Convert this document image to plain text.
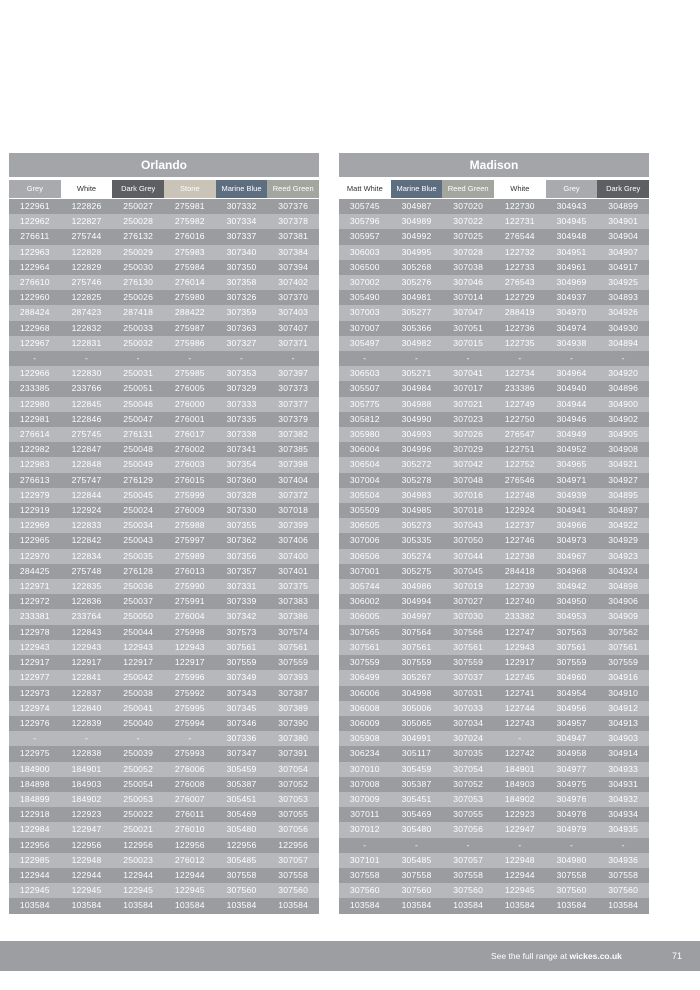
Orlando
Grey	White	Dark Grey	Stone	Marine Blue	Reed Green
122961	122826	250027	275981	307332	307376
122962	122827	250028	275982	307334	307378
276611	275744	276132	276016	307337	307381
122963	122828	250029	275983	307340	307384
122964	122829	250030	275984	307350	307394
276610	275746	276130	276014	307358	307402
122960	122825	250026	275980	307326	307370
288424	287423	287418	288422	307359	307403
122968	122832	250033	275987	307363	307407
122967	122831	250032	275986	307327	307371
-	-	-	-	-	-
122966	122830	250031	275985	307353	307397
233385	233766	250051	276005	307329	307373
122980	122845	250046	276000	307333	307377
122981	122846	250047	276001	307335	307379
276614	275745	276131	276017	307338	307382
122982	122847	250048	276002	307341	307385
122983	122848	250049	276003	307354	307398
276613	275747	276129	276015	307360	307404
122979	122844	250045	275999	307328	307372
122919	122924	250024	276009	307330	307018
122969	122833	250034	275988	307355	307399
122965	122842	250043	275997	307362	307406
122970	122834	250035	275989	307356	307400
284425	275748	276128	276013	307357	307401
122971	122835	250036	275990	307331	307375
122972	122836	250037	275991	307339	307383
233381	233764	250050	276004	307342	307386
122978	122843	250044	275998	307573	307574
122943	122943	122943	122943	307561	307561
122917	122917	122917	122917	307559	307559
122977	122841	250042	275996	307349	307393
122973	122837	250038	275992	307343	307387
122974	122840	250041	275995	307345	307389
122976	122839	250040	275994	307346	307390
-	-	-	-	307336	307380
122975	122838	250039	275993	307347	307391
184900	184901	250052	276006	305459	307054
184898	184903	250054	276008	305387	307052
184899	184902	250053	276007	305451	307053
122918	122923	250022	276011	305469	307055
122984	122947	250021	276010	305480	307056
122956	122956	122956	122956	122956	122956
122985	122948	250023	276012	305485	307057
122944	122944	122944	122944	307558	307558
122945	122945	122945	122945	307560	307560
103584	103584	103584	103584	103584	103584
Madison
Matt White	Marine Blue	Reed Green	White	Grey	Dark Grey
305745	304987	307020	122730	304943	304899
305796	304989	307022	122731	304945	304901
305957	304992	307025	276544	304948	304904
306003	304995	307028	122732	304951	304907
306500	305268	307038	122733	304961	304917
307002	305276	307046	276543	304969	304925
305490	304981	307014	122729	304937	304893
307003	305277	307047	288419	304970	304926
307007	305366	307051	122736	304974	304930
305497	304982	307015	122735	304938	304894
-	-	-	-	-	-
306503	305271	307041	122734	304964	304920
305507	304984	307017	233386	304940	304896
305775	304988	307021	122749	304944	304900
305812	304990	307023	122750	304946	304902
305980	304993	307026	276547	304949	304905
306004	304996	307029	122751	304952	304908
306504	305272	307042	122752	304965	304921
307004	305278	307048	276546	304971	304927
305504	304983	307016	122748	304939	304895
305509	304985	307018	122924	304941	304897
306505	305273	307043	122737	304966	304922
307006	305335	307050	122746	304973	304929
306506	305274	307044	122738	304967	304923
307001	305275	307045	284418	304968	304924
305744	304986	307019	122739	304942	304898
306002	304994	307027	122740	304950	304906
306005	304997	307030	233382	304953	304909
307565	307564	307566	122747	307563	307562
307561	307561	307561	122943	307561	307561
307559	307559	307559	122917	307559	307559
306499	305267	307037	122745	304960	304916
306006	304998	307031	122741	304954	304910
306008	305006	307033	122744	304956	304912
306009	305065	307034	122743	304957	304913
305908	304991	307024	-	304947	304903
306234	305117	307035	122742	304958	304914
307010	305459	307054	184901	304977	304933
307008	305387	307052	184903	304975	304931
307009	305451	307053	184902	304976	304932
307011	305469	307055	122923	304978	304934
307012	305480	307056	122947	304979	304935
-	-	-	-	-	-
307101	305485	307057	122948	304980	304936
307558	307558	307558	122944	307558	307558
307560	307560	307560	122945	307560	307560
103584	103584	103584	103584	103584	103584
See the full range at wickes.co.uk	71
